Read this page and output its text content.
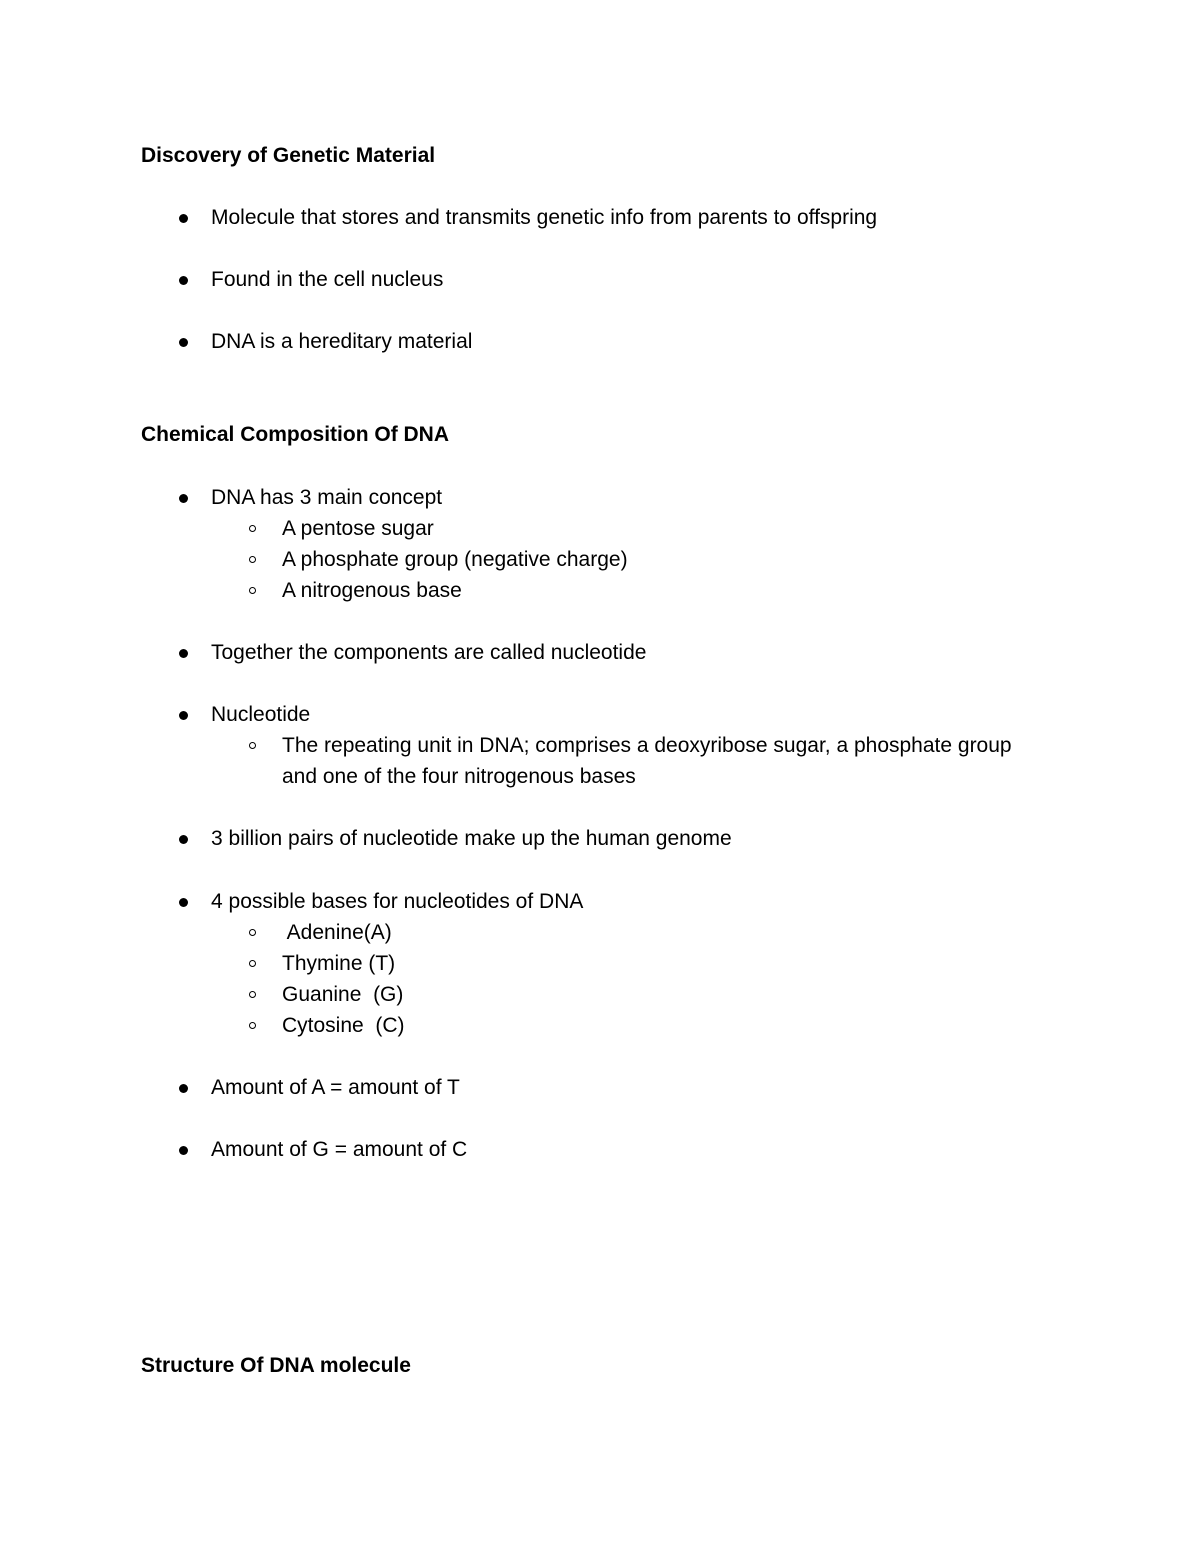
Discovery of Genetic Material
Molecule that stores and transmits genetic info from parents to offspring
Found in the cell nucleus
DNA is a hereditary material
Chemical Composition Of DNA
DNA has 3 main concept
A pentose sugar
A phosphate group (negative charge)
A nitrogenous base
Together the components are called nucleotide
Nucleotide
The repeating unit in DNA; comprises a deoxyribose sugar, a phosphate group and one of the four nitrogenous bases
3 billion pairs of nucleotide make up the human genome
4 possible bases for nucleotides of DNA
Adenine(A)
Thymine (T)
Guanine  (G)
Cytosine  (C)
Amount of A = amount of T
Amount of G = amount of C
Structure Of DNA molecule
